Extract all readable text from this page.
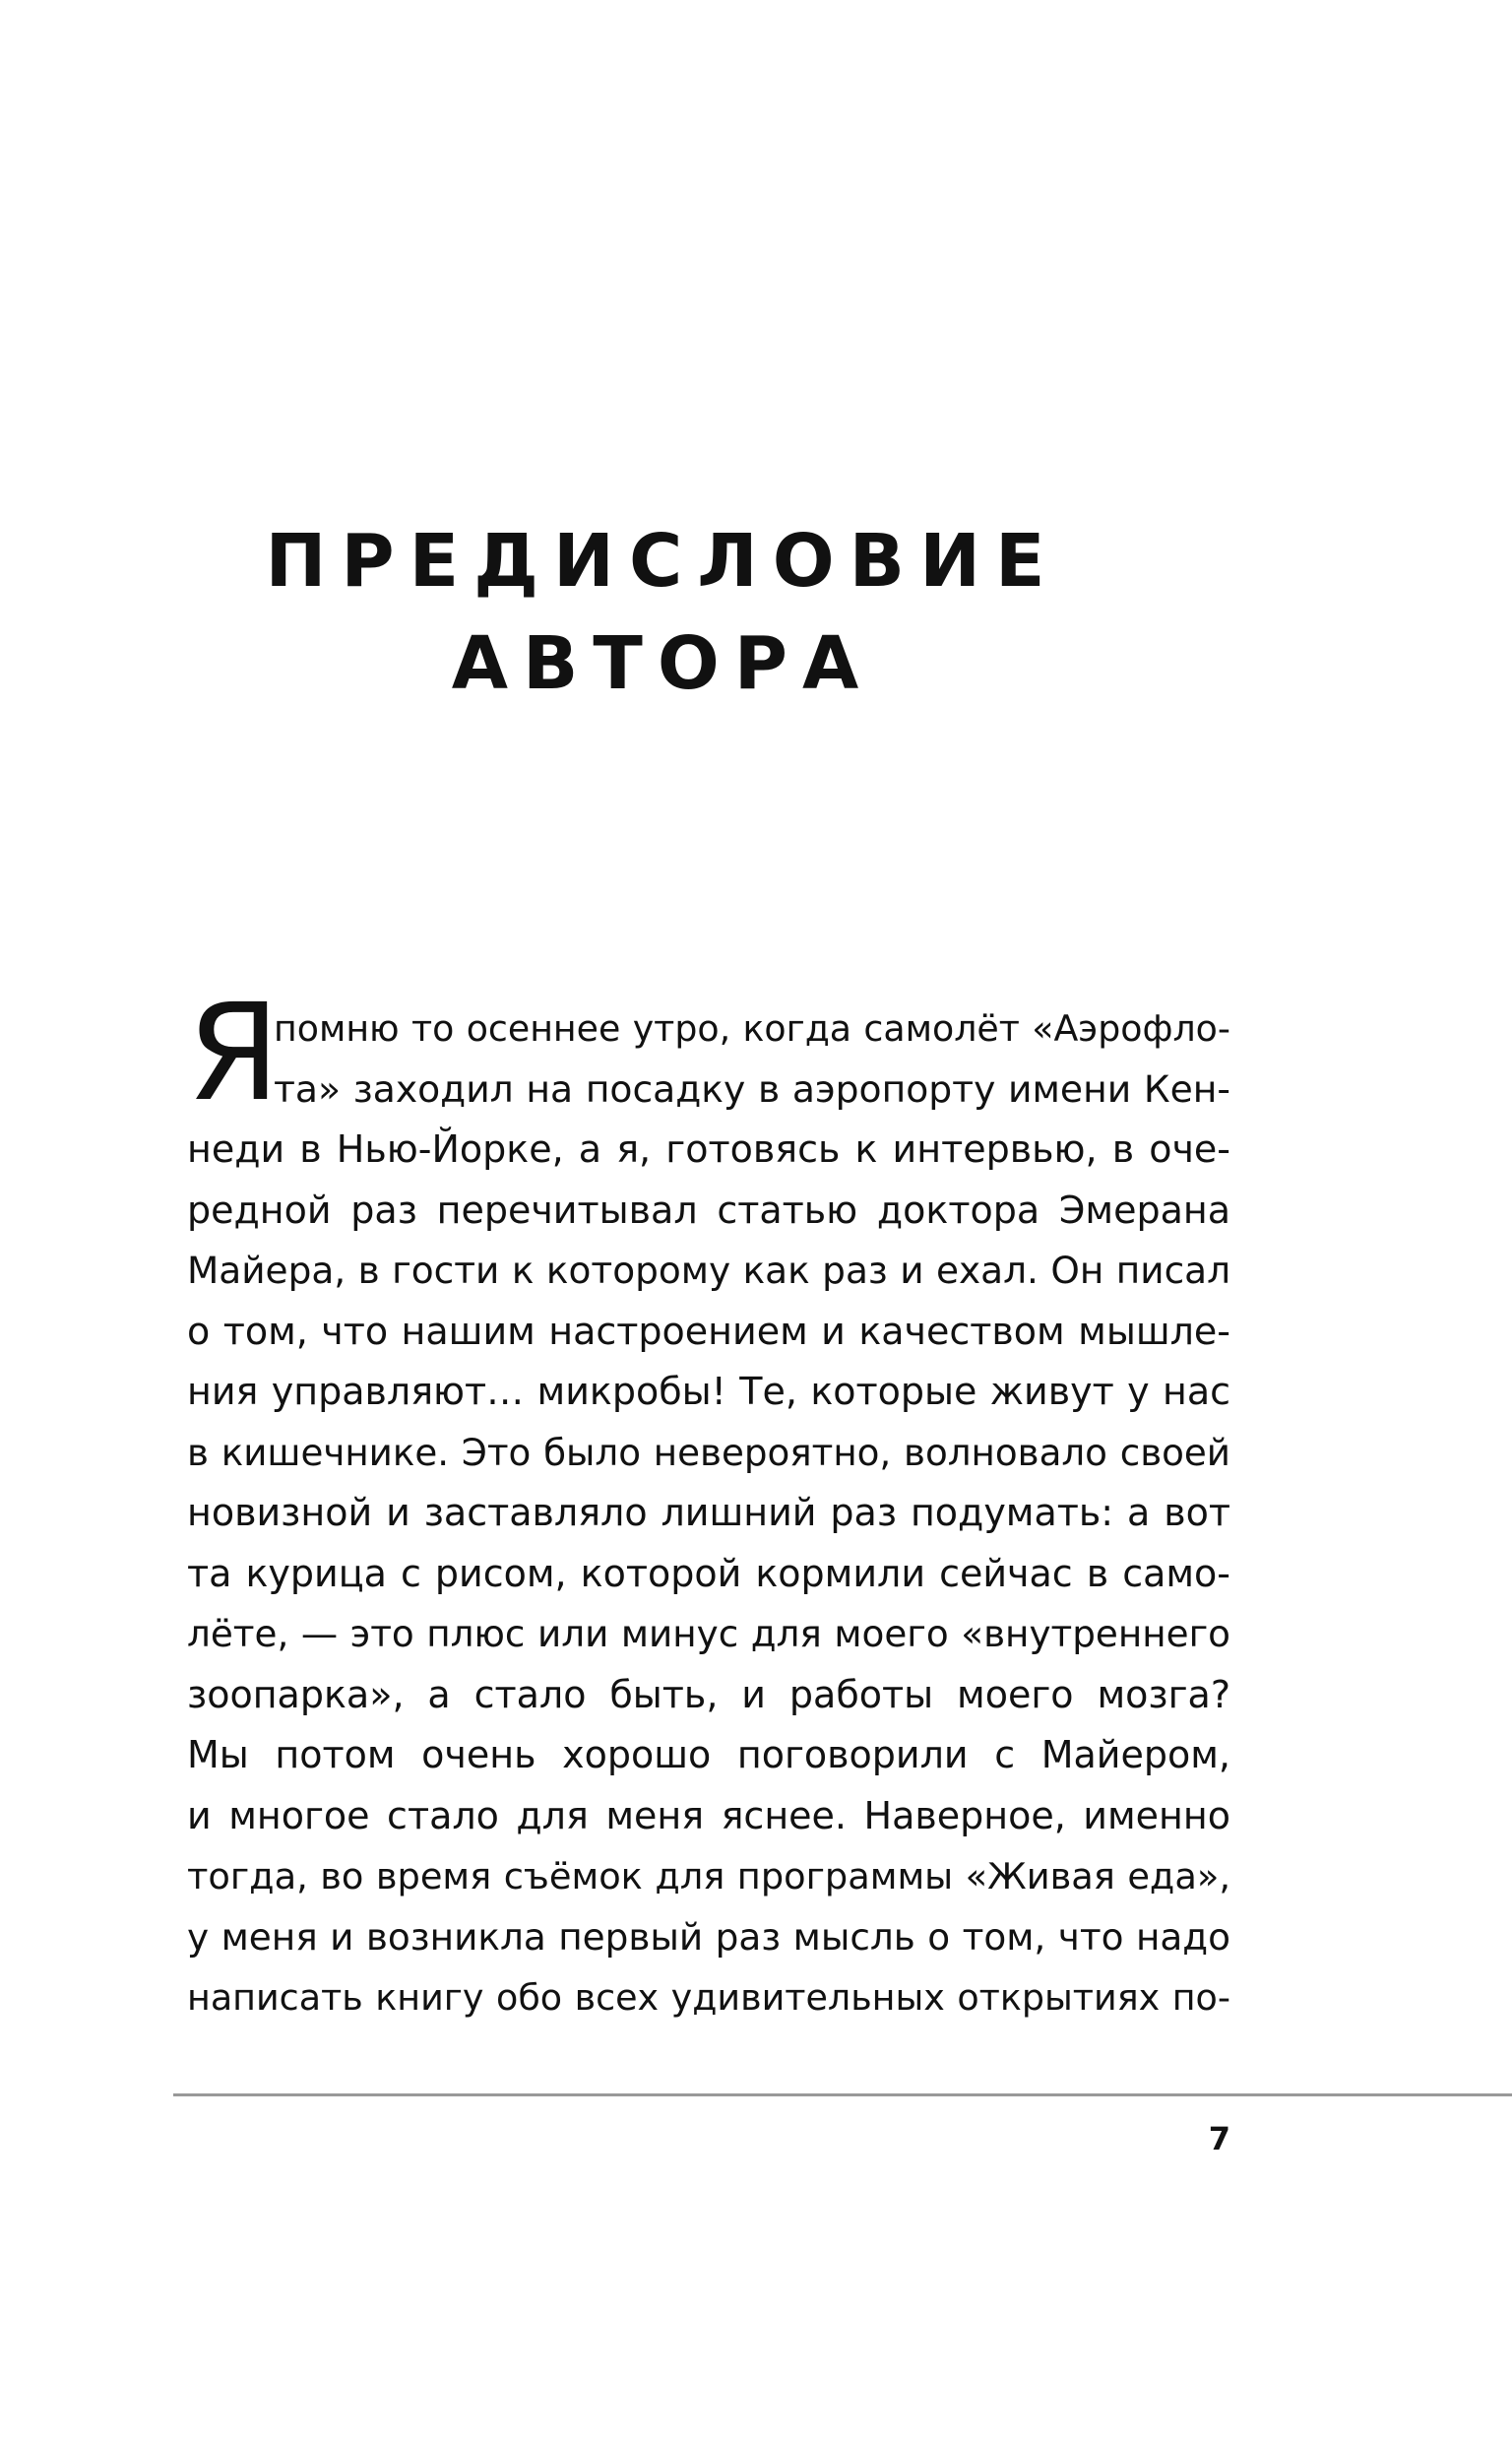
ПРЕДИСЛОВИЕ
АВТОРА
Я
помню то осеннее утро, когда самолёт «Аэрофло-
та» заходил на посадку в аэропорту имени Кен-
неди в Нью-Йорке, а я, готовясь к интервью, в оче-
редной раз перечитывал статью доктора Эмерана
Майера, в гости к которому как раз и ехал. Он писал
о том, что нашим настроением и качеством мышле-
ния управляют… микробы! Те, которые живут у нас
в кишечнике. Это было невероятно, волновало своей
новизной и заставляло лишний раз подумать: а вот
та курица с рисом, которой кормили сейчас в само-
лёте, — это плюс или минус для моего «внутреннего
зоопарка», а стало быть, и работы моего мозга?
Мы потом очень хорошо поговорили с Майером,
и многое стало для меня яснее. Наверное, именно
тогда, во время съёмок для программы «Живая еда»,
у меня и возникла первый раз мысль о том, что надо
написать книгу обо всех удивительных открытиях по-
7
